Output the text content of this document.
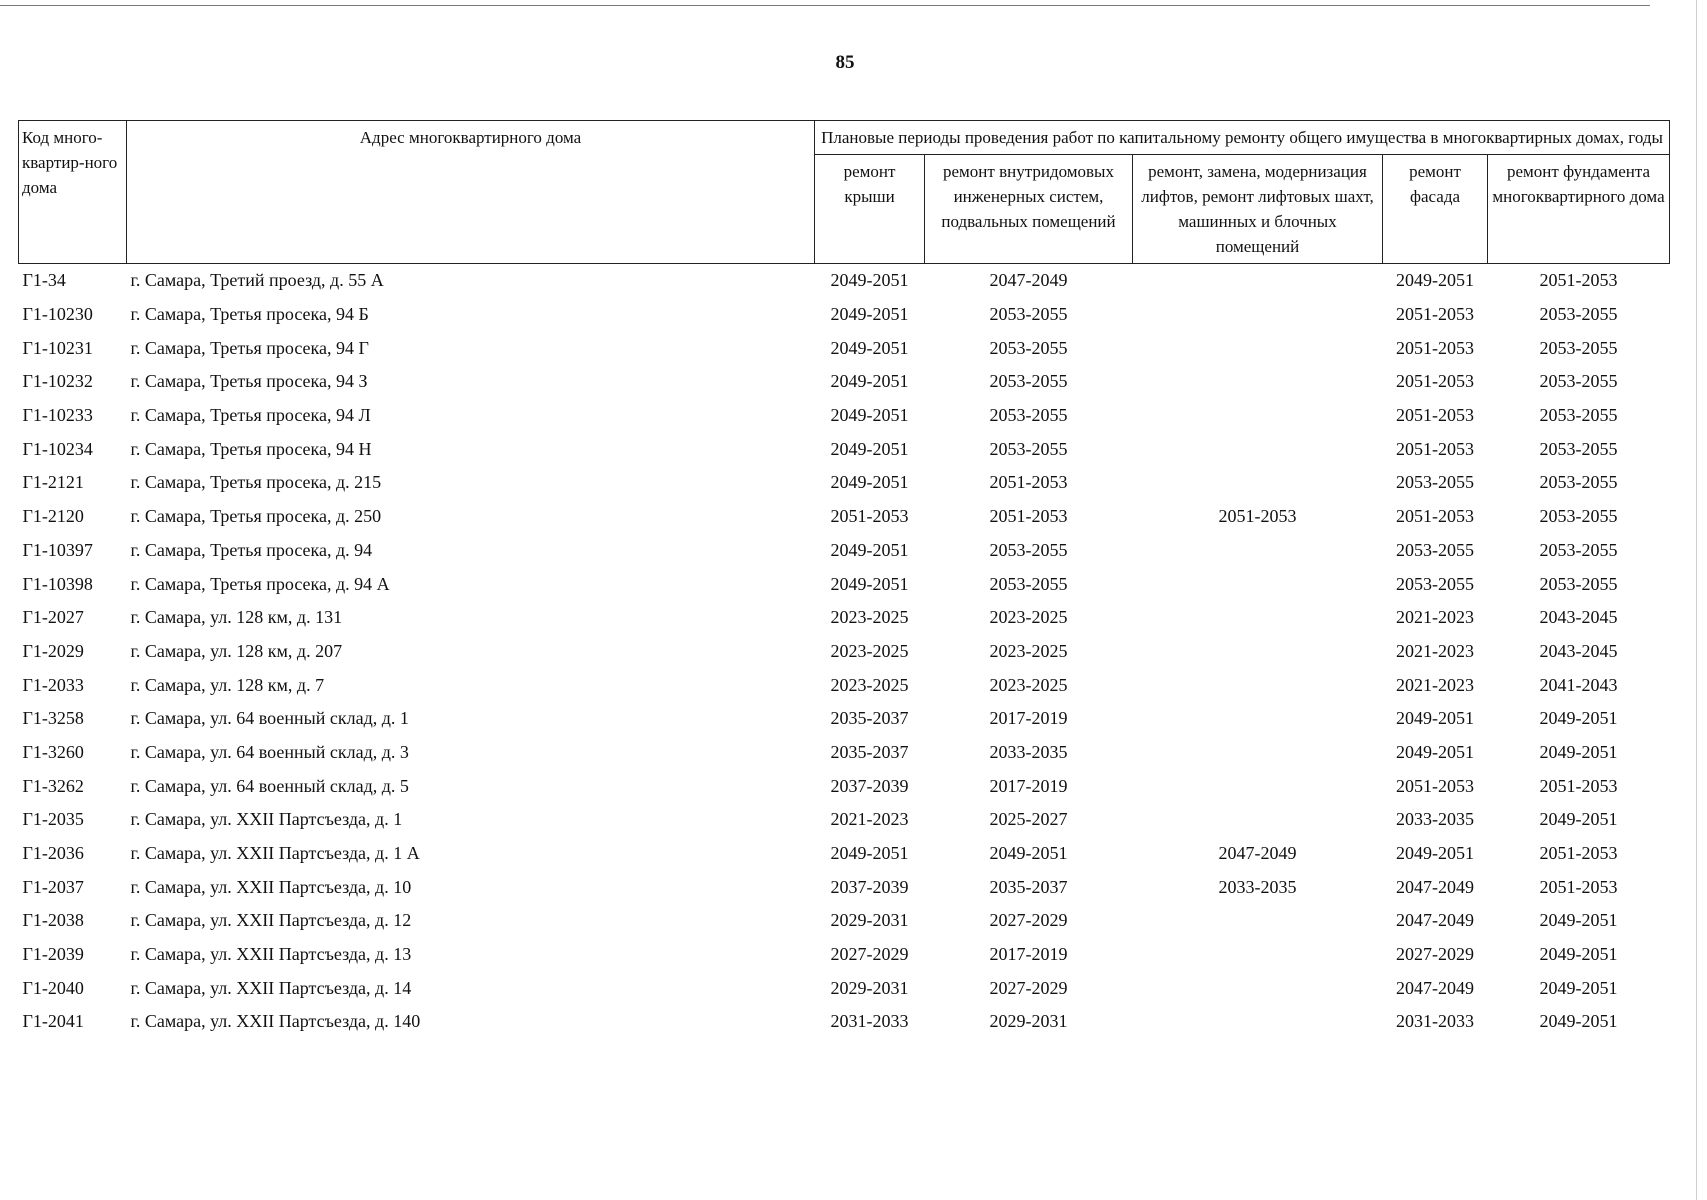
85
Код много-квартир-ного дома	Адрес многоквартирного дома	Плановые периоды проведения работ по капитальному ремонту общего имущества в многоквартирных домах, годы				
		ремонт крыши	ремонт внутридомовых инженерных систем, подвальных помещений	ремонт, замена, модернизация лифтов, ремонт лифтовых шахт, машинных и блочных помещений	ремонт фасада	ремонт фундамента многоквартирного дома
Г1-34	г. Самара, Третий проезд, д. 55 А	2049-2051	2047-2049		2049-2051	2051-2053
Г1-10230	г. Самара, Третья просека, 94 Б	2049-2051	2053-2055		2051-2053	2053-2055
Г1-10231	г. Самара, Третья просека, 94 Г	2049-2051	2053-2055		2051-2053	2053-2055
Г1-10232	г. Самара, Третья просека, 94 З	2049-2051	2053-2055		2051-2053	2053-2055
Г1-10233	г. Самара, Третья просека, 94 Л	2049-2051	2053-2055		2051-2053	2053-2055
Г1-10234	г. Самара, Третья просека, 94 Н	2049-2051	2053-2055		2051-2053	2053-2055
Г1-2121	г. Самара, Третья просека, д. 215	2049-2051	2051-2053		2053-2055	2053-2055
Г1-2120	г. Самара, Третья просека, д. 250	2051-2053	2051-2053	2051-2053	2051-2053	2053-2055
Г1-10397	г. Самара, Третья просека, д. 94	2049-2051	2053-2055		2053-2055	2053-2055
Г1-10398	г. Самара, Третья просека, д. 94 А	2049-2051	2053-2055		2053-2055	2053-2055
Г1-2027	г. Самара, ул. 128 км, д. 131	2023-2025	2023-2025		2021-2023	2043-2045
Г1-2029	г. Самара, ул. 128 км, д. 207	2023-2025	2023-2025		2021-2023	2043-2045
Г1-2033	г. Самара, ул. 128 км, д. 7	2023-2025	2023-2025		2021-2023	2041-2043
Г1-3258	г. Самара, ул. 64 военный склад, д. 1	2035-2037	2017-2019		2049-2051	2049-2051
Г1-3260	г. Самара, ул. 64 военный склад, д. 3	2035-2037	2033-2035		2049-2051	2049-2051
Г1-3262	г. Самара, ул. 64 военный склад, д. 5	2037-2039	2017-2019		2051-2053	2051-2053
Г1-2035	г. Самара, ул. XXII Партсъезда, д. 1	2021-2023	2025-2027		2033-2035	2049-2051
Г1-2036	г. Самара, ул. XXII Партсъезда, д. 1 А	2049-2051	2049-2051	2047-2049	2049-2051	2051-2053
Г1-2037	г. Самара, ул. XXII Партсъезда, д. 10	2037-2039	2035-2037	2033-2035	2047-2049	2051-2053
Г1-2038	г. Самара, ул. XXII Партсъезда, д. 12	2029-2031	2027-2029		2047-2049	2049-2051
Г1-2039	г. Самара, ул. XXII Партсъезда, д. 13	2027-2029	2017-2019		2027-2029	2049-2051
Г1-2040	г. Самара, ул. XXII Партсъезда, д. 14	2029-2031	2027-2029		2047-2049	2049-2051
Г1-2041	г. Самара, ул. XXII Партсъезда, д. 140	2031-2033	2029-2031		2031-2033	2049-2051
